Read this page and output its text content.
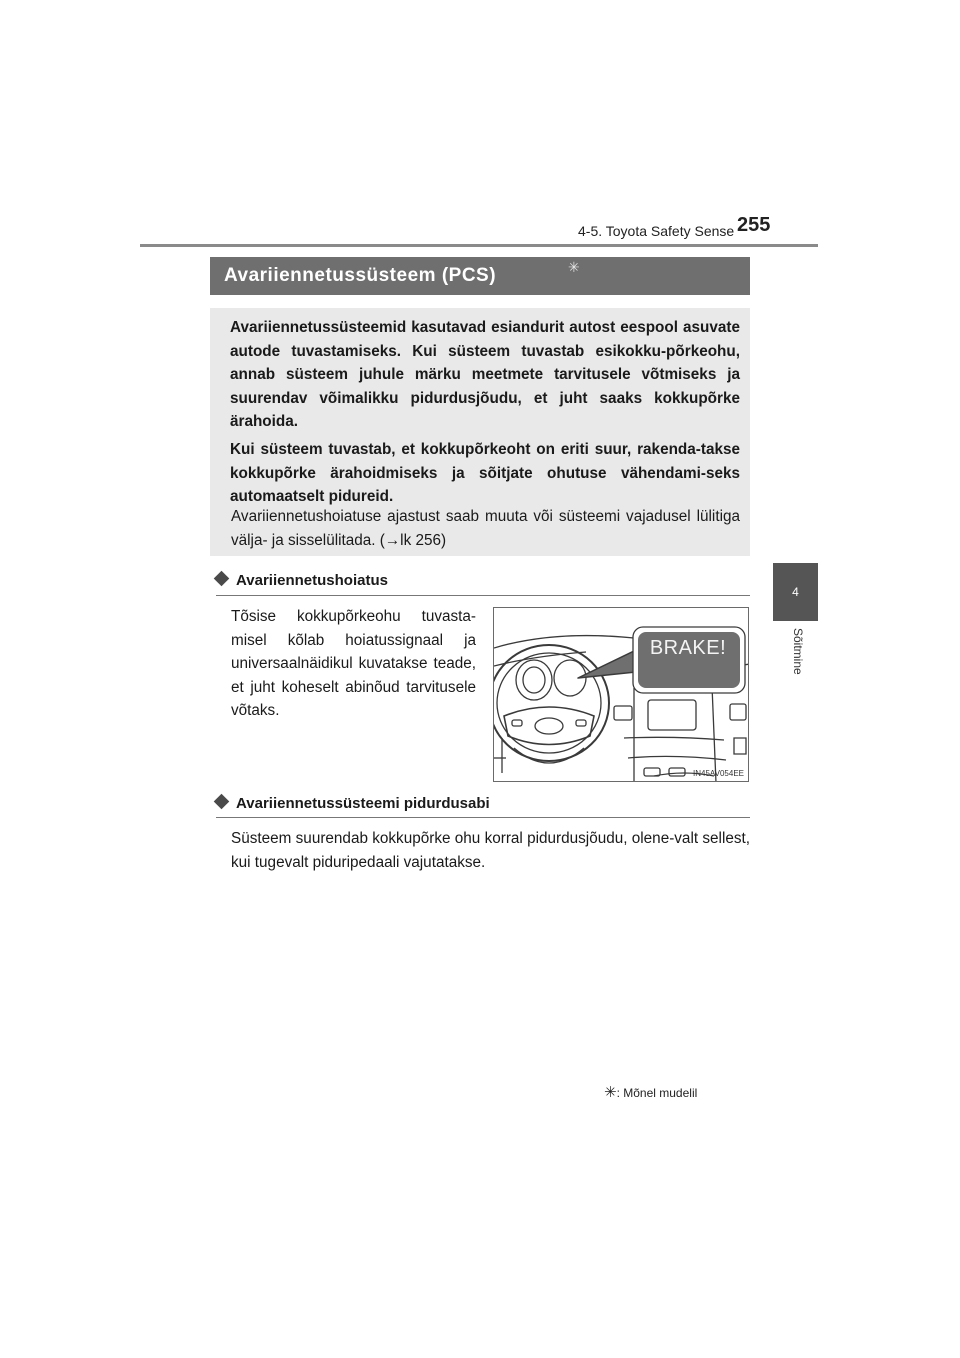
4-5. Toyota Safety Sense 255
4
Sõitmine
Avariiennetussüsteem (PCS)	✳

Avariiennetussüsteemid kasutavad esiandurit autost eespool asuvate autode tuvastamiseks. Kui süsteem tuvastab esikokku-põrkeohu, annab süsteem juhule märku meetmete tarvitusele võtmiseks ja suurendav võimalikku pidurdusjõudu, et juht saaks kokkupõrke ärahoida.

Kui süsteem tuvastab, et kokkupõrkeoht on eriti suur, rakenda-takse kokkupõrke ärahoidmiseks ja sõitjate ohutuse vähendami-seks automaatselt pidureid.

Avariiennetushoiatuse ajastust saab muuta või süsteemi vajadusel lülitiga välja- ja sisselülitada. (→lk 256)

Avariiennetushoiatus

Tõsise kokkupõrkeohu tuvasta-misel kõlab hoiatussignaal ja universaalnäidikul kuvatakse teade, et juht koheselt abinõud tarvitusele võtaks.

BRAKE!
IN45AV054EE
Avariiennetussüsteemi pidurdusabi

Süsteem suurendab kokkupõrke ohu korral pidurdusjõudu, olene-valt sellest, kui tugevalt piduripedaali vajutatakse.

✳: Mõnel mudelil
